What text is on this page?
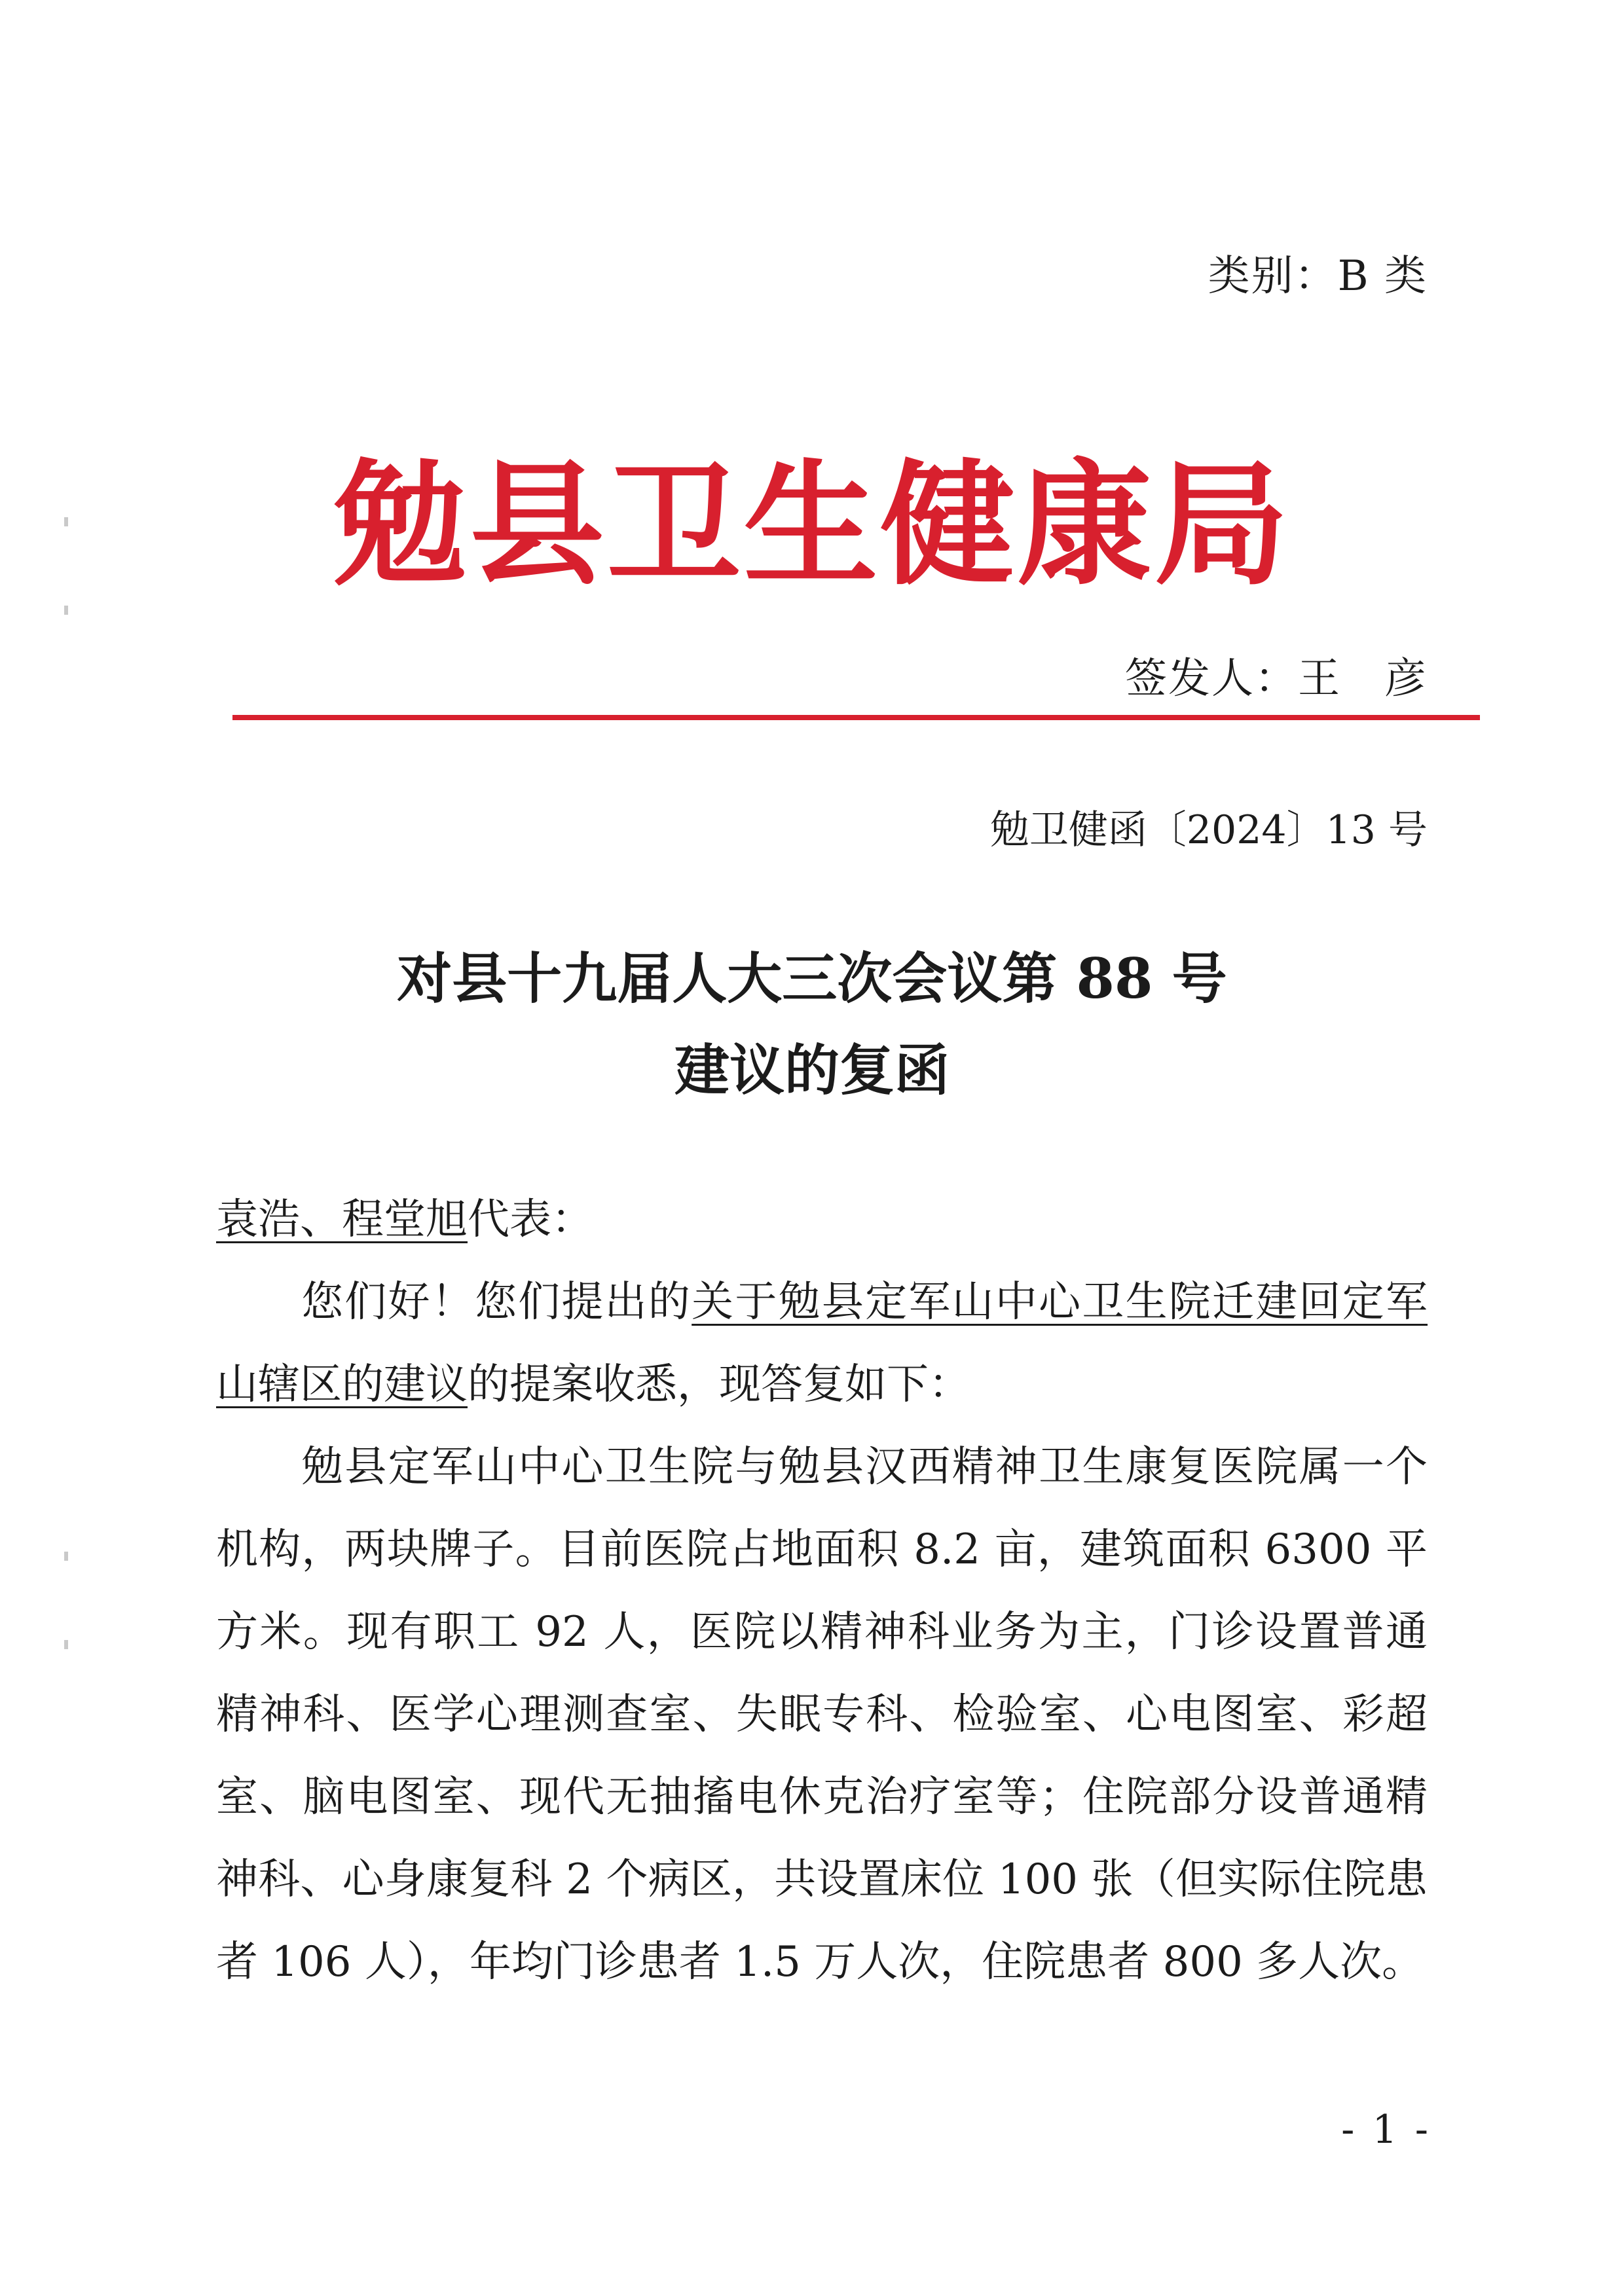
类别：B 类
勉县卫生健康局
签发人：王　彦
勉卫健函〔2024〕13 号
对县十九届人大三次会议第 88 号
建议的复函
袁浩、程堂旭代表：
您们好！您们提出的关于勉县定军山中心卫生院迁建回定军山辖区的建议的提案收悉，现答复如下：
勉县定军山中心卫生院与勉县汉西精神卫生康复医院属一个机构，两块牌子。目前医院占地面积 8.2 亩，建筑面积 6300 平方米。现有职工 92 人，医院以精神科业务为主，门诊设置普通精神科、医学心理测查室、失眠专科、检验室、心电图室、彩超室、脑电图室、现代无抽搐电休克治疗室等；住院部分设普通精神科、心身康复科 2 个病区，共设置床位 100 张（但实际住院患者 106 人），年均门诊患者 1.5 万人次，住院患者 800 多人次。
- 1 -
